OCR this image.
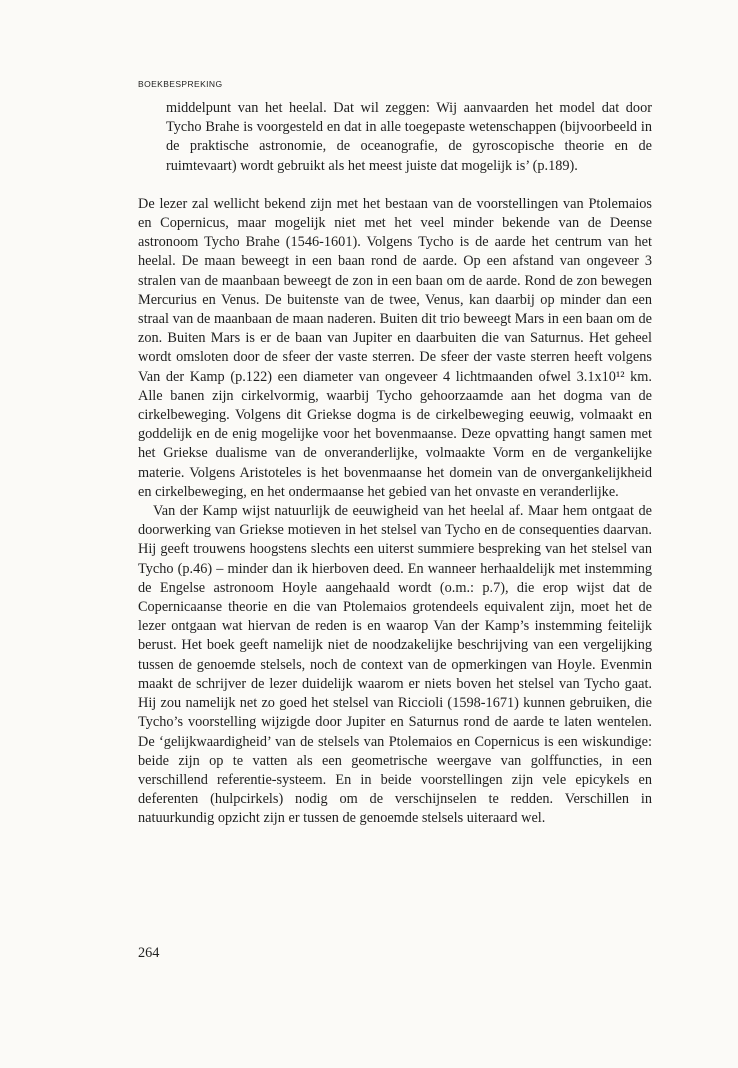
BOEKBESPREKING

middelpunt van het heelal. Dat wil zeggen: Wij aanvaarden het model dat door Tycho Brahe is voorgesteld en dat in alle toegepaste wetenschappen (bijvoorbeeld in de praktische astronomie, de oceanografie, de gyroscopische theorie en de ruimtevaart) wordt gebruikt als het meest juiste dat mogelijk is’ (p.189).

De lezer zal wellicht bekend zijn met het bestaan van de voorstellingen van Ptolemaios en Copernicus, maar mogelijk niet met het veel minder bekende van de Deense astronoom Tycho Brahe (1546-1601). Volgens Tycho is de aarde het centrum van het heelal. De maan beweegt in een baan rond de aarde. Op een afstand van ongeveer 3 stralen van de maanbaan beweegt de zon in een baan om de aarde. Rond de zon bewegen Mercurius en Venus. De buitenste van de twee, Venus, kan daarbij op minder dan een straal van de maanbaan de maan naderen. Buiten dit trio beweegt Mars in een baan om de zon. Buiten Mars is er de baan van Jupiter en daarbuiten die van Saturnus. Het geheel wordt omsloten door de sfeer der vaste sterren. De sfeer der vaste sterren heeft volgens Van der Kamp (p.122) een diameter van ongeveer 4 lichtmaanden ofwel 3.1x10¹² km. Alle banen zijn cirkelvormig, waarbij Tycho gehoorzaamde aan het dogma van de cirkelbeweging. Volgens dit Griekse dogma is de cirkelbeweging eeuwig, volmaakt en goddelijk en de enig mogelijke voor het bovenmaanse. Deze opvatting hangt samen met het Griekse dualisme van de onveranderlijke, volmaakte Vorm en de vergankelijke materie. Volgens Aristoteles is het bovenmaanse het domein van de onvergankelijkheid en cirkelbeweging, en het ondermaanse het gebied van het onvaste en veranderlijke.

Van der Kamp wijst natuurlijk de eeuwigheid van het heelal af. Maar hem ontgaat de doorwerking van Griekse motieven in het stelsel van Tycho en de consequenties daarvan. Hij geeft trouwens hoogstens slechts een uiterst summiere bespreking van het stelsel van Tycho (p.46) – minder dan ik hierboven deed. En wanneer herhaaldelijk met instemming de Engelse astronoom Hoyle aangehaald wordt (o.m.: p.7), die erop wijst dat de Copernicaanse theorie en die van Ptolemaios grotendeels equivalent zijn, moet het de lezer ontgaan wat hiervan de reden is en waarop Van der Kamp’s instemming feitelijk berust. Het boek geeft namelijk niet de noodzakelijke beschrijving van een vergelijking tussen de genoemde stelsels, noch de context van de opmerkingen van Hoyle. Evenmin maakt de schrijver de lezer duidelijk waarom er niets boven het stelsel van Tycho gaat. Hij zou namelijk net zo goed het stelsel van Riccioli (1598-1671) kunnen gebruiken, die Tycho’s voorstelling wijzigde door Jupiter en Saturnus rond de aarde te laten wentelen. De ‘gelijkwaardigheid’ van de stelsels van Ptolemaios en Copernicus is een wiskundige: beide zijn op te vatten als een geometrische weergave van golffuncties, in een verschillend referentie-systeem. En in beide voorstellingen zijn vele epicykels en deferenten (hulpcirkels) nodig om de verschijnselen te redden. Verschillen in natuurkundig opzicht zijn er tussen de genoemde stelsels uiteraard wel.

264
